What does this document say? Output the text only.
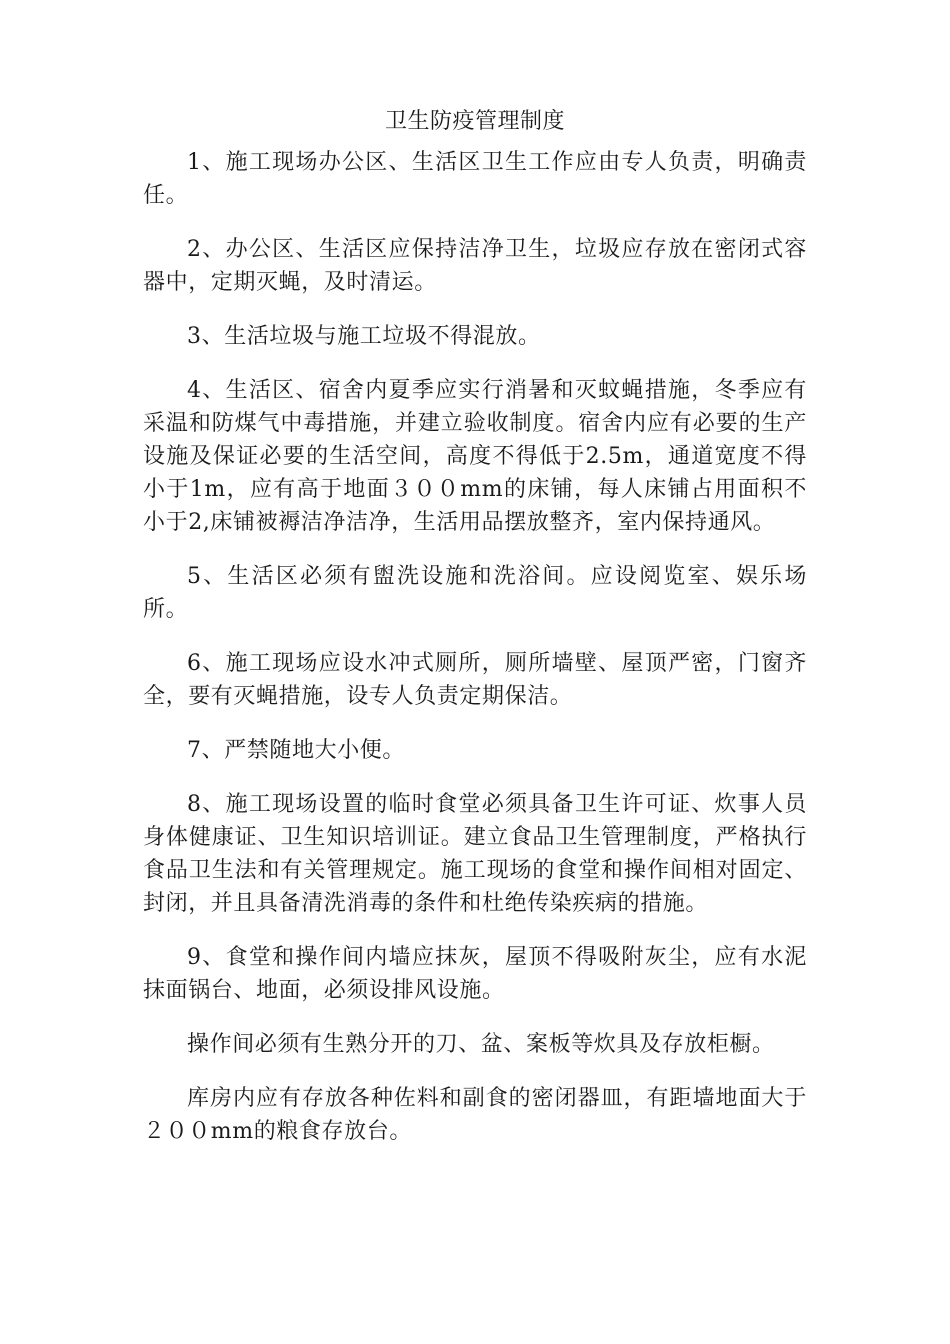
卫生防疫管理制度

1、施工现场办公区、生活区卫生工作应由专人负责，明确责任。

2、办公区、生活区应保持洁净卫生，垃圾应存放在密闭式容器中，定期灭蝇，及时清运。

3、生活垃圾与施工垃圾不得混放。

4、生活区、宿舍内夏季应实行消暑和灭蚊蝇措施，冬季应有采温和防煤气中毒措施，并建立验收制度。宿舍内应有必要的生产设施及保证必要的生活空间，高度不得低于2.5m，通道宽度不得小于1m，应有高于地面３００mm的床铺，每人床铺占用面积不小于2,床铺被褥洁净洁净，生活用品摆放整齐，室内保持通风。

5、生活区必须有盥洗设施和洗浴间。应设阅览室、娱乐场所。

6、施工现场应设水冲式厕所，厕所墙壁、屋顶严密，门窗齐全，要有灭蝇措施，设专人负责定期保洁。

7、严禁随地大小便。

8、施工现场设置的临时食堂必须具备卫生许可证、炊事人员身体健康证、卫生知识培训证。建立食品卫生管理制度，严格执行食品卫生法和有关管理规定。施工现场的食堂和操作间相对固定、封闭，并且具备清洗消毒的条件和杜绝传染疾病的措施。

9、食堂和操作间内墙应抹灰，屋顶不得吸附灰尘，应有水泥抹面锅台、地面，必须设排风设施。

操作间必须有生熟分开的刀、盆、案板等炊具及存放柜橱。

库房内应有存放各种佐料和副食的密闭器皿，有距墙地面大于２００mm的粮食存放台。
